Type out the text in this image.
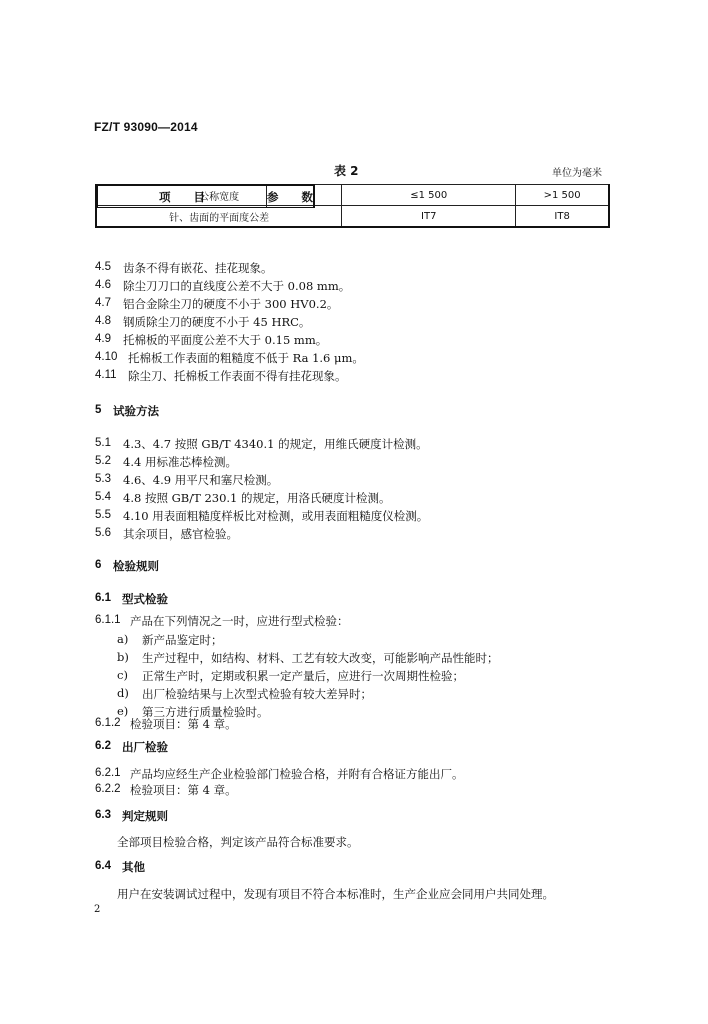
FZ/T 93090—2014
表 2	单位为毫米
项　　目	参　　数
公称宽度	≤1 500	>1 500
针、齿面的平面度公差	IT7	IT8
4.5 齿条不得有嵌花、挂花现象。
4.6 除尘刀刀口的直线度公差不大于 0.08 mm。
4.7 铝合金除尘刀的硬度不小于 300 HV0.2。
4.8 钢质除尘刀的硬度不小于 45 HRC。
4.9 托棉板的平面度公差不大于 0.15 mm。
4.10 托棉板工作表面的粗糙度不低于 Ra 1.6 μm。
4.11 除尘刀、托棉板工作表面不得有挂花现象。
5 试验方法
5.1 4.3、4.7 按照 GB/T 4340.1 的规定，用维氏硬度计检测。
5.2 4.4 用标准芯棒检测。
5.3 4.6、4.9 用平尺和塞尺检测。
5.4 4.8 按照 GB/T 230.1 的规定，用洛氏硬度计检测。
5.5 4.10 用表面粗糙度样板比对检测，或用表面粗糙度仪检测。
5.6 其余项目，感官检验。
6 检验规则
6.1 型式检验
6.1.1 产品在下列情况之一时，应进行型式检验：
a) 新产品鉴定时；
b) 生产过程中，如结构、材料、工艺有较大改变，可能影响产品性能时；
c) 正常生产时，定期或积累一定产量后，应进行一次周期性检验；
d) 出厂检验结果与上次型式检验有较大差异时；
e) 第三方进行质量检验时。
6.1.2 检验项目：第 4 章。
6.2 出厂检验
6.2.1 产品均应经生产企业检验部门检验合格，并附有合格证方能出厂。
6.2.2 检验项目：第 4 章。
6.3 判定规则
全部项目检验合格，判定该产品符合标准要求。
6.4 其他
用户在安装调试过程中，发现有项目不符合本标准时，生产企业应会同用户共同处理。
2
